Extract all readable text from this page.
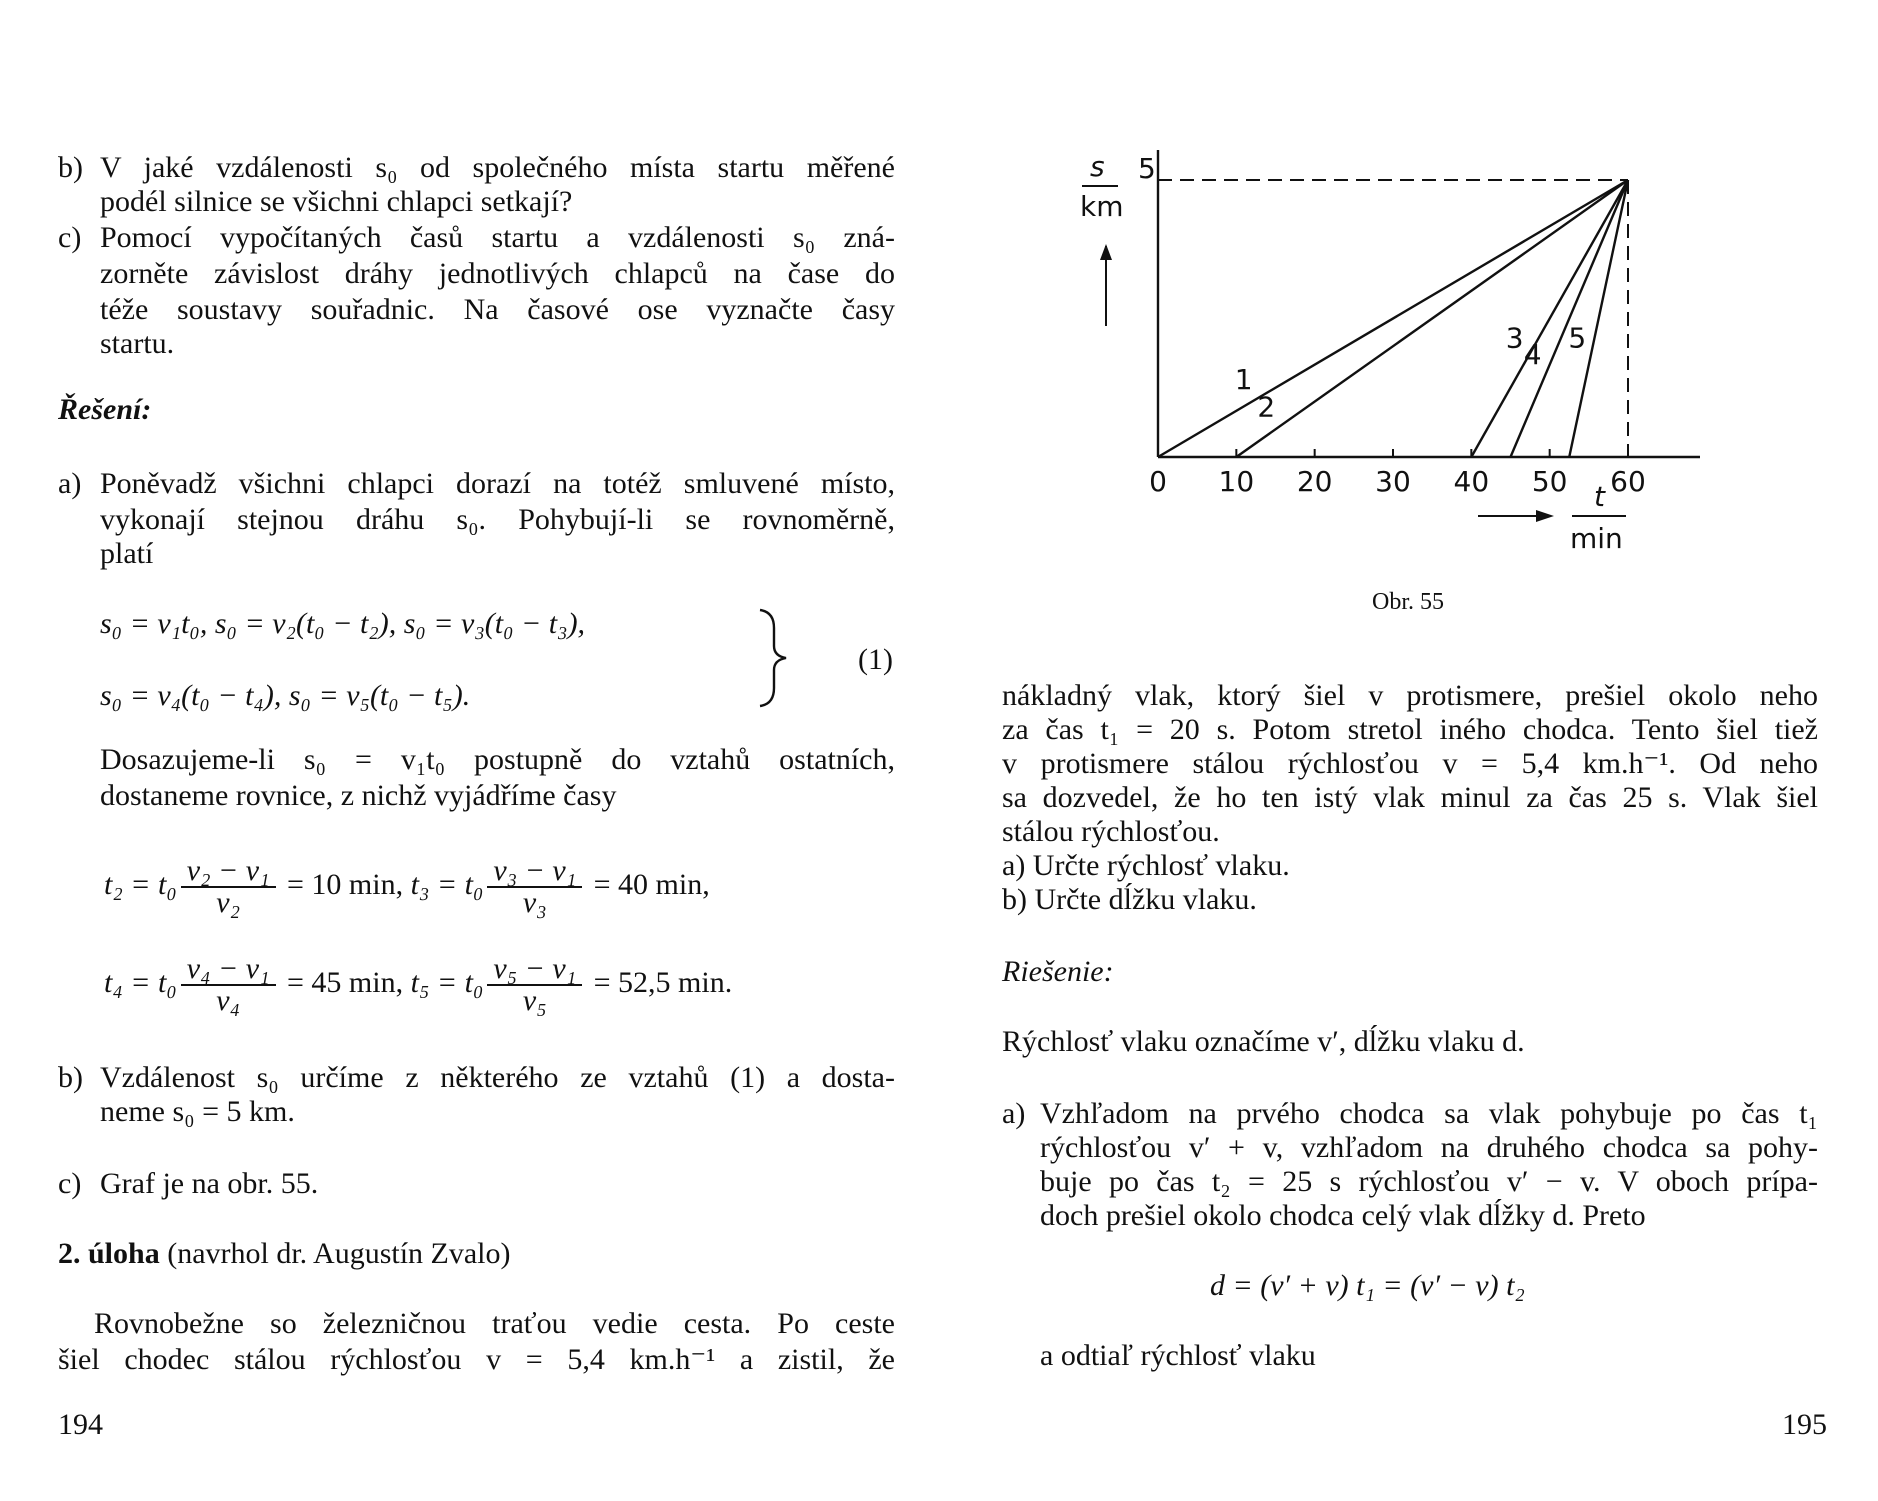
b) V jaké vzdálenosti s₀ od společného místa startu měřené
podél silnice se všichni chlapci setkají?
c) Pomocí vypočítaných časů startu a vzdálenosti s₀ zná-
zorněte závislost dráhy jednotlivých chlapců na čase do
téže soustavy souřadnic. Na časové ose vyznačte časy
startu.
Řešení:
a) Poněvadž všichni chlapci dorazí na totéž smluvené místo,
vykonají stejnou dráhu s₀. Pohybují-li se rovnoměrně,
platí
s₀ = v₁t₀, s₀ = v₂(t₀ − t₂), s₀ = v₃(t₀ − t₃),
s₀ = v₄(t₀ − t₄), s₀ = v₅(t₀ − t₅).
(1)
Dosazujeme-li s₀ = v₁t₀ postupně do vztahů ostatních,
dostaneme rovnice, z nichž vyjádříme časy
$t_2 = t_0 \frac{\text{v₂ − v₁}}{\text{v₂}} = 10$ min, $t_3 = t_0 \frac{\text{v₃ − v₁}}{\text{v₃}} = 40$ min,
$t_4 = t_0 \frac{\text{v₄ − v₁}}{\text{v₄}} = 45$ min, $t_5 = t_0 \frac{\text{v₅ − v₁}}{\text{v₅}} = 52,5$ min.
b) Vzdálenost s₀ určíme z některého ze vztahů (1) a dosta-
neme s₀ = 5 km.
c) Graf je na obr. 55.
2. úloha (navrhol dr. Augustín Zvalo)
Rovnobežne so železničnou traťou vedie cesta. Po ceste
šiel chodec stálou rýchlosťou v = 5,4 km.h⁻¹ a zistil, že
194
s
km
5
t
min
0 10 20 30 40 50 60
1
2
3
4
5
Obr. 55
nákladný vlak, ktorý šiel v protismere, prešiel okolo neho
za čas t₁ = 20 s. Potom stretol iného chodca. Tento šiel tiež
v protismere stálou rýchlosťou v = 5,4 km.h⁻¹. Od neho
sa dozvedel, že ho ten istý vlak minul za čas 25 s. Vlak šiel
stálou rýchlosťou.
a) Určte rýchlosť vlaku.
b) Určte dĺžku vlaku.
Riešenie:
Rýchlosť vlaku označíme v′, dĺžku vlaku d.
a) Vzhľadom na prvého chodca sa vlak pohybuje po čas t₁
rýchlosťou v′ + v, vzhľadom na druhého chodca sa pohy-
buje po čas t₂ = 25 s rýchlosťou v′ − v. V oboch prípa-
doch prešiel okolo chodca celý vlak dĺžky d. Preto
d = (v′ + v) t₁ = (v′ − v) t₂
a odtiaľ rýchlosť vlaku
195
